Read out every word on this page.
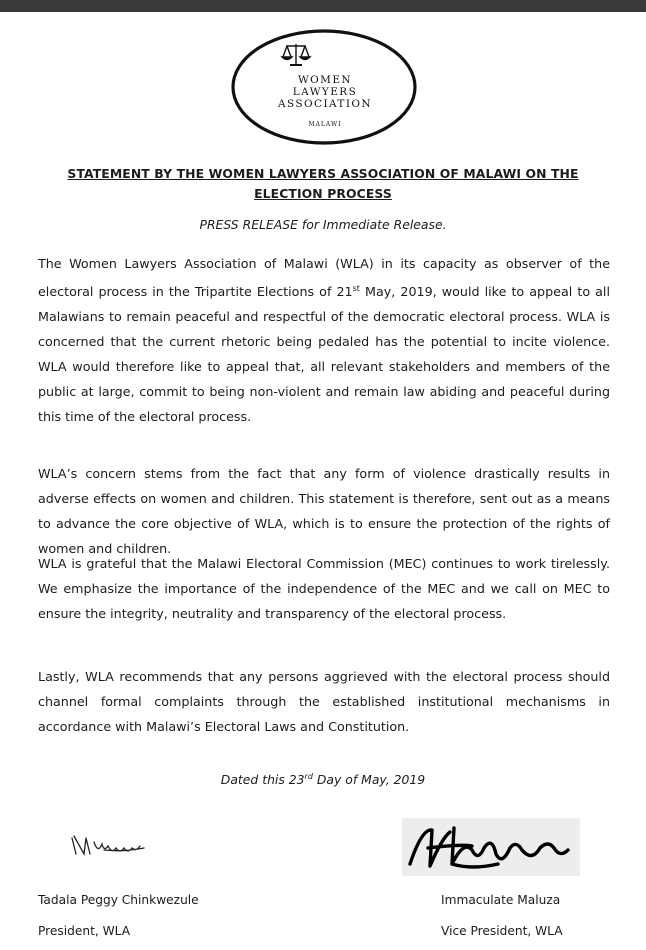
WOMEN
LAWYERS
ASSOCIATION
MALAWI
STATEMENT BY THE WOMEN LAWYERS ASSOCIATION OF MALAWI ON THE ELECTION PROCESS
PRESS RELEASE for Immediate Release.

The Women Lawyers Association of Malawi (WLA) in its capacity as observer of the electoral process in the Tripartite Elections of 21st May, 2019, would like to appeal to all Malawians to remain peaceful and respectful of the democratic electoral process. WLA is concerned that the current rhetoric being pedaled has the potential to incite violence. WLA would therefore like to appeal that, all relevant stakeholders and members of the public at large, commit to being non-violent and remain law abiding and peaceful during this time of the electoral process.

WLA’s concern stems from the fact that any form of violence drastically results in adverse effects on women and children. This statement is therefore, sent out as a means to advance the core objective of WLA, which is to ensure the protection of the rights of women and children.

WLA is grateful that the Malawi Electoral Commission (MEC) continues to work tirelessly. We emphasize the importance of the independence of the MEC and we call on MEC to ensure the integrity, neutrality and transparency of the electoral process.

Lastly, WLA recommends that any persons aggrieved with the electoral process should channel formal complaints through the established institutional mechanisms in accordance with Malawi’s Electoral Laws and Constitution.

Dated this 23rd Day of May, 2019
Tadala Peggy Chinkwezule
President, WLA
Immaculate Maluza
Vice President, WLA
